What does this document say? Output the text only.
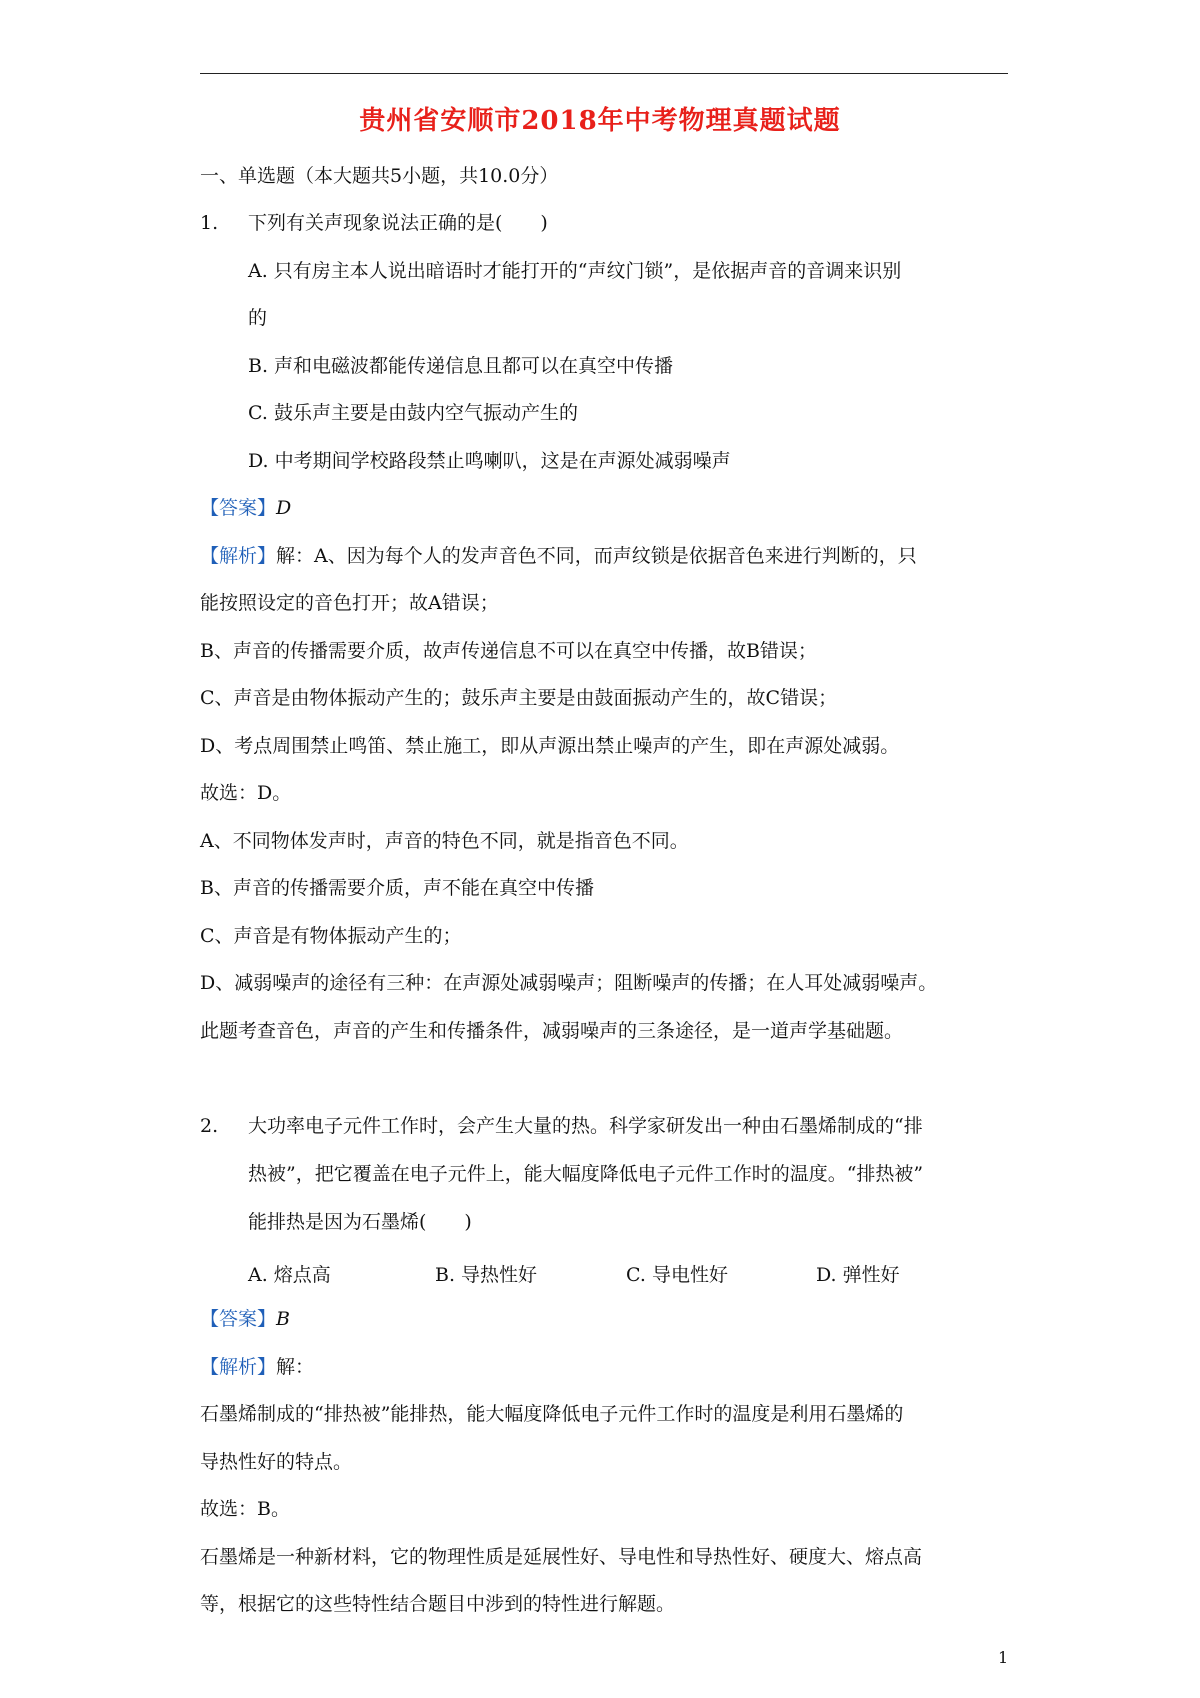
贵州省安顺市2018年中考物理真题试题
一、单选题（本大题共5小题，共10.0分）
1. 下列有关声现象说法正确的是(　　)
A. 只有房主本人说出暗语时才能打开的“声纹门锁”，是依据声音的音调来识别
的
B. 声和电磁波都能传递信息且都可以在真空中传播
C. 鼓乐声主要是由鼓内空气振动产生的
D. 中考期间学校路段禁止鸣喇叭，这是在声源处减弱噪声
【答案】D
【解析】解：A、因为每个人的发声音色不同，而声纹锁是依据音色来进行判断的，只
能按照设定的音色打开；故A错误；
B、声音的传播需要介质，故声传递信息不可以在真空中传播，故B错误；
C、声音是由物体振动产生的；鼓乐声主要是由鼓面振动产生的，故C错误；
D、考点周围禁止鸣笛、禁止施工，即从声源出禁止噪声的产生，即在声源处减弱。
故选：D。
A、不同物体发声时，声音的特色不同，就是指音色不同。
B、声音的传播需要介质，声不能在真空中传播
C、声音是有物体振动产生的；
D、减弱噪声的途径有三种：在声源处减弱噪声；阻断噪声的传播；在人耳处减弱噪声。
此题考查音色，声音的产生和传播条件，减弱噪声的三条途径，是一道声学基础题。
2. 大功率电子元件工作时，会产生大量的热。科学家研发出一种由石墨烯制成的“排
热被”，把它覆盖在电子元件上，能大幅度降低电子元件工作时的温度。“排热被”
能排热是因为石墨烯(　　)
A. 熔点高	B. 导热性好	C. 导电性好	D. 弹性好
【答案】B
【解析】解：
石墨烯制成的“排热被”能排热，能大幅度降低电子元件工作时的温度是利用石墨烯的
导热性好的特点。
故选：B。
石墨烯是一种新材料，它的物理性质是延展性好、导电性和导热性好、硬度大、熔点高
等，根据它的这些特性结合题目中涉到的特性进行解题。
1
